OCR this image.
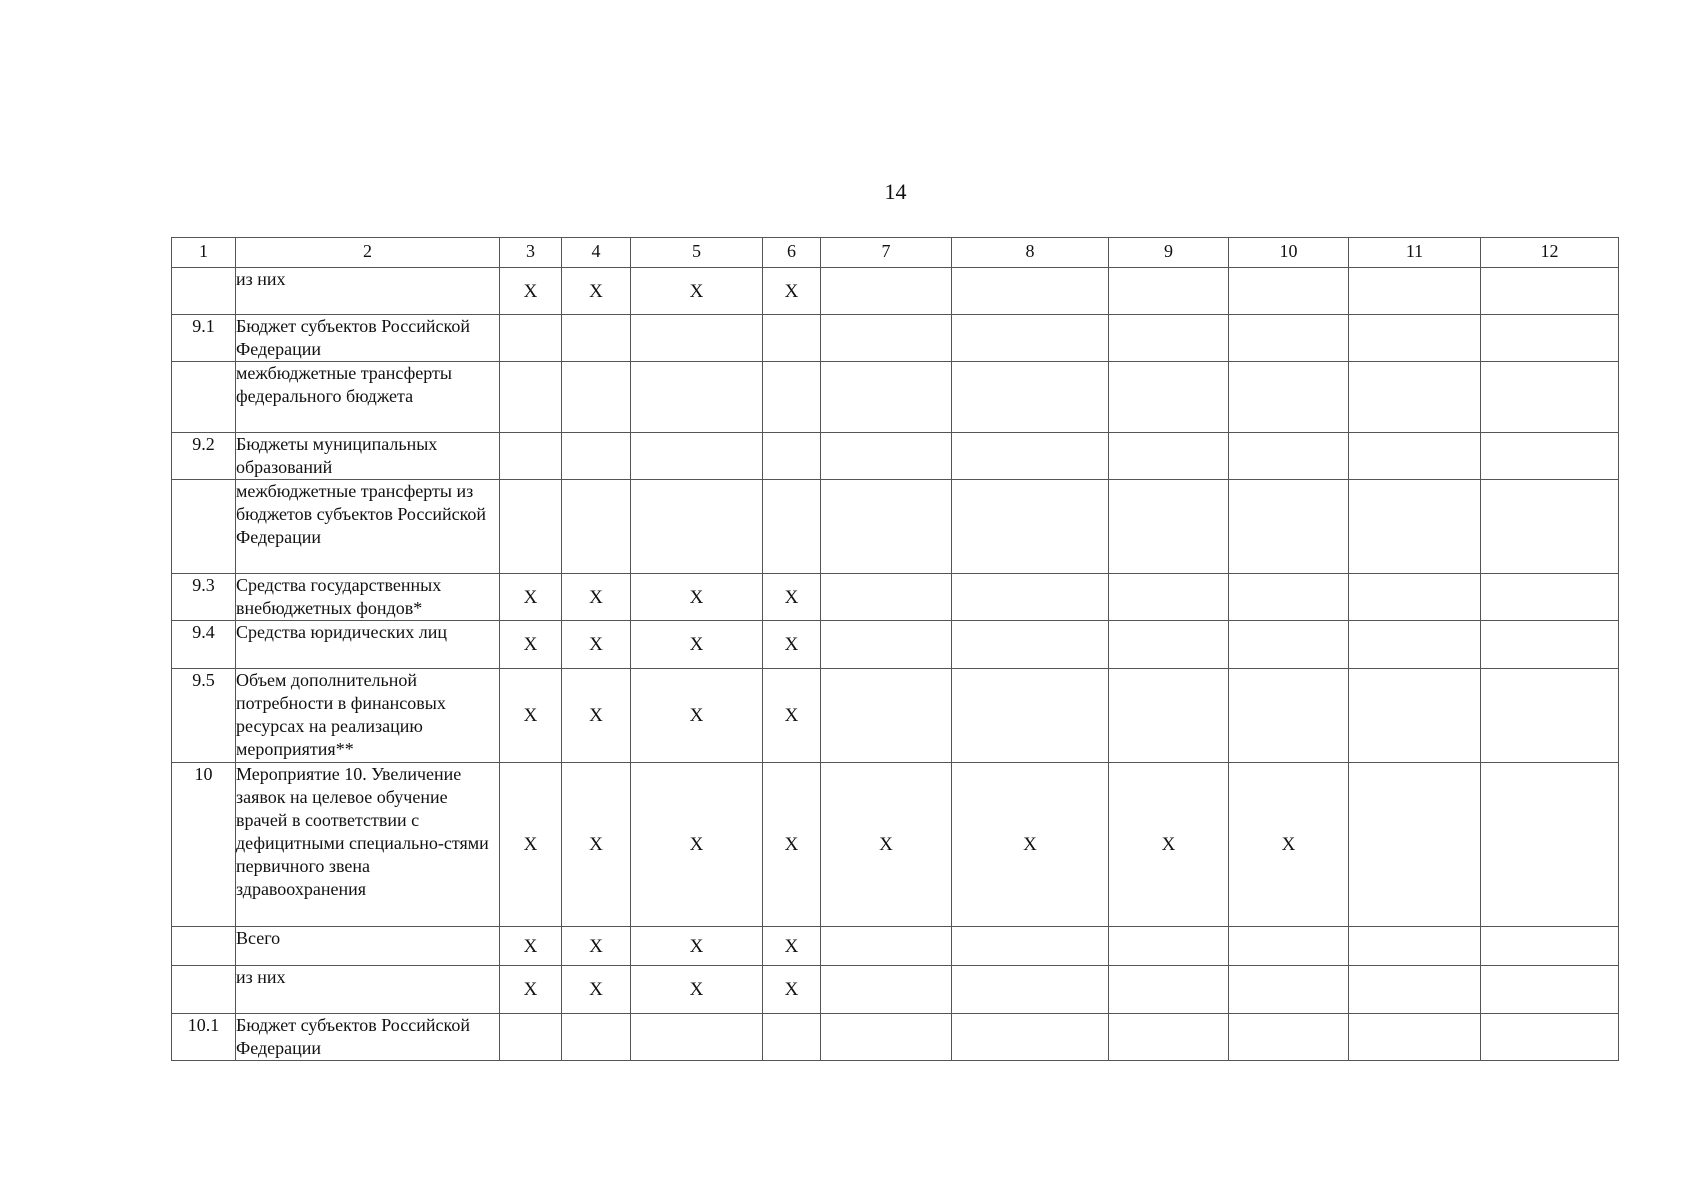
14
1	2	3	4	5	6	7	8	9	10	11	12
	из них	X	X	X	X						
9.1	Бюджет субъектов Российской Федерации										
	межбюджетные трансферты федерального бюджета										
9.2	Бюджеты муниципальных образований										
	межбюджетные трансферты из бюджетов субъектов Российской Федерации										
9.3	Средства государственных внебюджетных фондов*	X	X	X	X						
9.4	Средства юридических лиц	X	X	X	X						
9.5	Объем дополнительной потребности в финансовых ресурсах на реализацию мероприятия**	X	X	X	X						
10	Мероприятие 10. Увеличение заявок на целевое обучение врачей в соответствии с дефицитными специально-стями первичного звена здравоохранения	X	X	X	X	X	X	X	X		
	Всего	X	X	X	X						
	из них	X	X	X	X						
10.1	Бюджет субъектов Российской Федерации										
